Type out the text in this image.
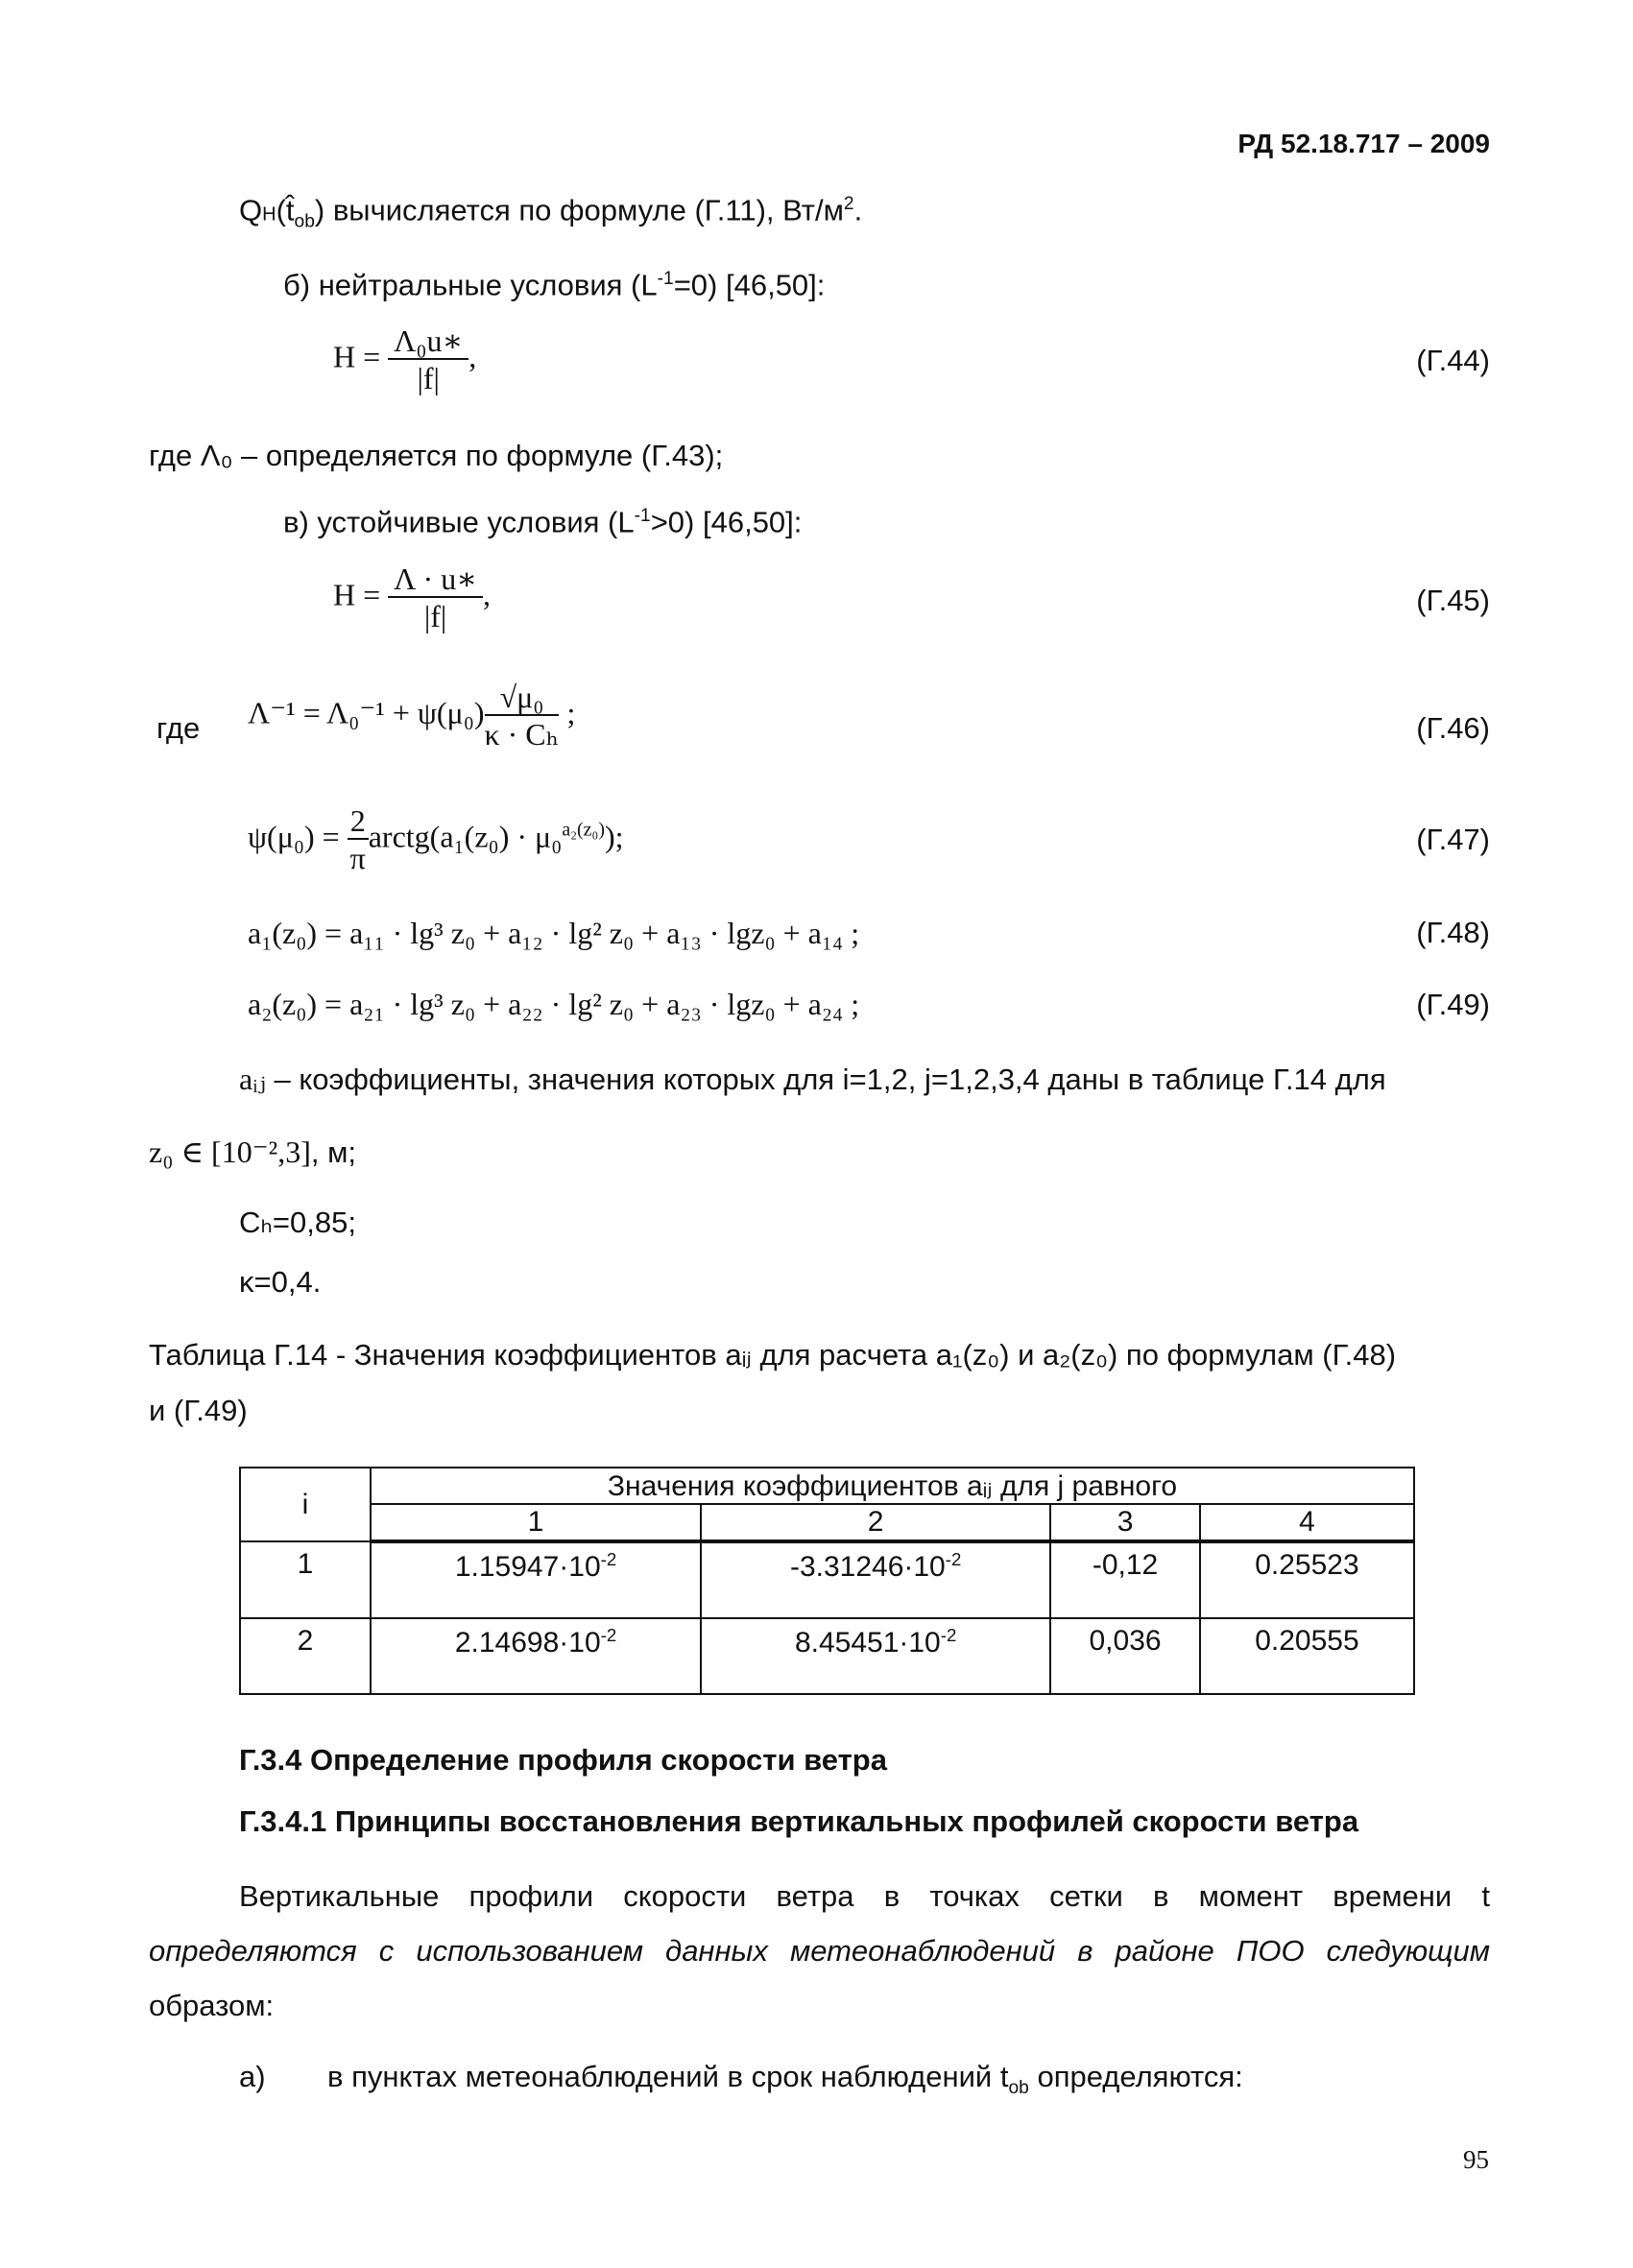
РД 52.18.717 – 2009
$QH(t̂_{ob})$ вычисляется по формуле (Г.11), $Вт/м^2$.
б) нейтральные условия $(L^{-1}=0)$ [46,50]:
$H = \frac{\text{Λ₀u∗}}{|f|}$ ,	(Г.44)
где Λ₀ – определяется по формуле (Г.43);
в) устойчивые условия $(L^{-1}>0)$ [46,50]:
$H = \frac{\Lambda \cdot u∗}{|f|}$ ,	(Г.45)
где $\Lambda^{-1} = \Lambda_0^{-1} + \psi(\mu_0) \frac{\text{√μ₀}}{\text{κ · Cₕ}}$ ;	(Г.46)
$\psi(\mu_0) = \frac{2}{\pi}$ arctg(a₁(z₀) · μ₀$^{a_2(z_0)}$);	(Г.47)
a₁(z₀) = a₁₁ · lg³ z₀ + a₁₂ · lg² z₀ + a₁₃ · lgz₀ + a₁₄ ;	(Г.48)
a₂(z₀) = a₂₁ · lg³ z₀ + a₂₂ · lg² z₀ + a₂₃ · lgz₀ + a₂₄ ;	(Г.49)
aᵢⱼ – коэффициенты, значения которых для i=1,2, j=1,2,3,4 даны в таблице Г.14 для
z₀ ∈ [10⁻²,3], м;
Cₕ=0,85;
κ=0,4.
Таблица Г.14 - Значения коэффициентов aᵢⱼ для расчета a₁(z₀) и a₂(z₀) по формулам (Г.48)
и (Г.49)
i	Значения коэффициентов aᵢⱼ для j равного			
	1	2	3	4
1	$1.15947\cdot 10^{-2}$	$-3.31246\cdot 10^{-2}$	-0,12	0.25523
2	$2.14698\cdot 10^{-2}$	$8.45451\cdot 10^{-2}$	0,036	0.20555
Г.3.4 Определение профиля скорости ветра
Г.3.4.1 Принципы восстановления вертикальных профилей скорости ветра
Вертикальные профили скорости ветра в точках сетки в момент времени t
определяются с использованием данных метеонаблюдений в районе ПОО следующим
образом:
а) в пунктах метеонаблюдений в срок наблюдений $t_{ob}$ определяются:
95
